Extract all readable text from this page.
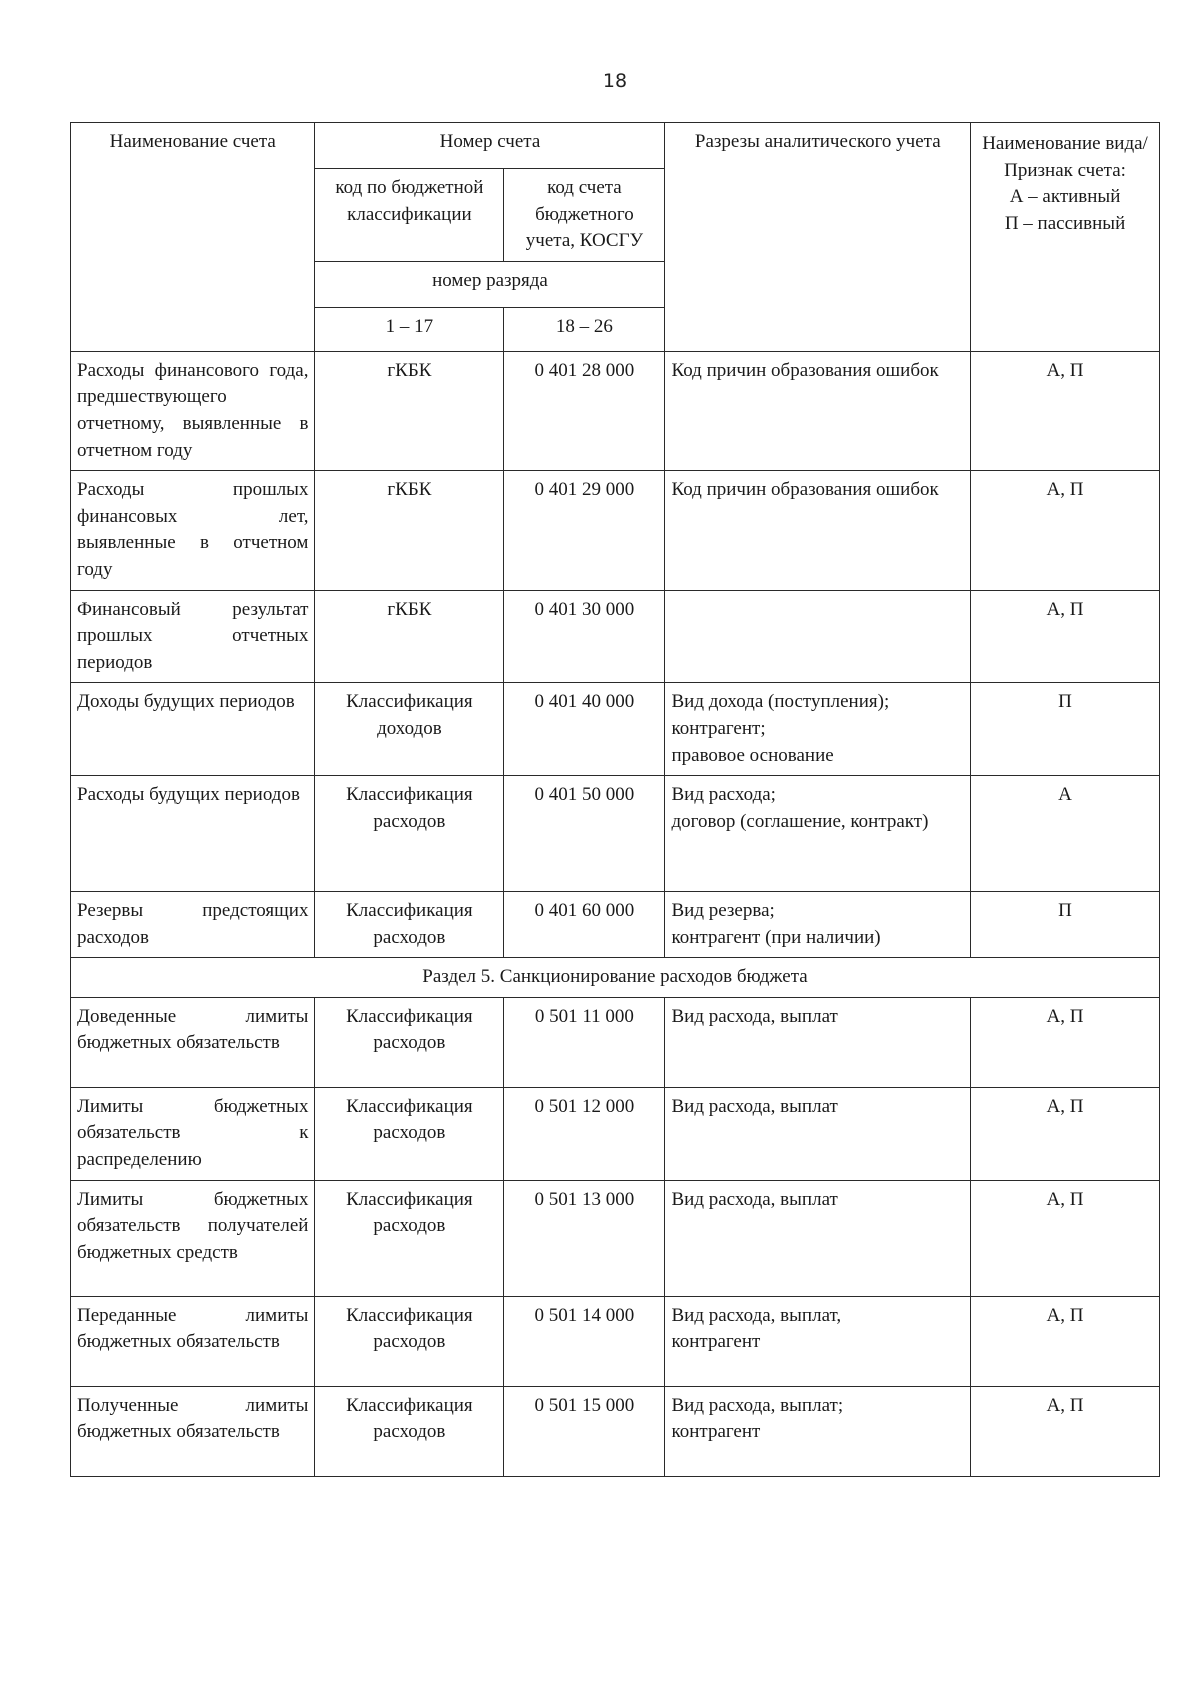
18
Наименование счета	Номер счета		Разрезы аналитического учета	Наименование вида/Признак счета:
А – активный
П – пассивный

	код по бюджетной классификации	код счета бюджетного учета, КОСГУ		
	номер разряда			
	1 – 17	18 – 26		

Расходы финансового года, предшествующего отчетному, выявленные в отчетном году	гКБК	0 401 28 000	Код причин образования ошибок	А, П
Расходы прошлых финансовых лет, выявленные в отчетном году	гКБК	0 401 29 000	Код причин образования ошибок	А, П
Финансовый результат прошлых отчетных периодов	гКБК	0 401 30 000		А, П
Доходы будущих периодов	Классификация доходов	0 401 40 000	Вид дохода (поступления);
контрагент;
правовое основание	П
Расходы будущих периодов	Классификация расходов	0 401 50 000	Вид расхода;
договор (соглашение, контракт)	А
Резервы предстоящих расходов	Классификация расходов	0 401 60 000	Вид резерва;
контрагент (при наличии)	П
Раздел 5. Санкционирование расходов бюджета				
Доведенные лимиты бюджетных обязательств	Классификация расходов	0 501 11 000	Вид расхода, выплат	А, П
Лимиты бюджетных обязательств к распределению	Классификация расходов	0 501 12 000	Вид расхода, выплат	А, П
Лимиты бюджетных обязательств получателей бюджетных средств	Классификация расходов	0 501 13 000	Вид расхода, выплат	А, П
Переданные лимиты бюджетных обязательств	Классификация расходов	0 501 14 000	Вид расхода, выплат,
контрагент	А, П
Полученные лимиты бюджетных обязательств	Классификация расходов	0 501 15 000	Вид расхода, выплат;
контрагент	А, П
